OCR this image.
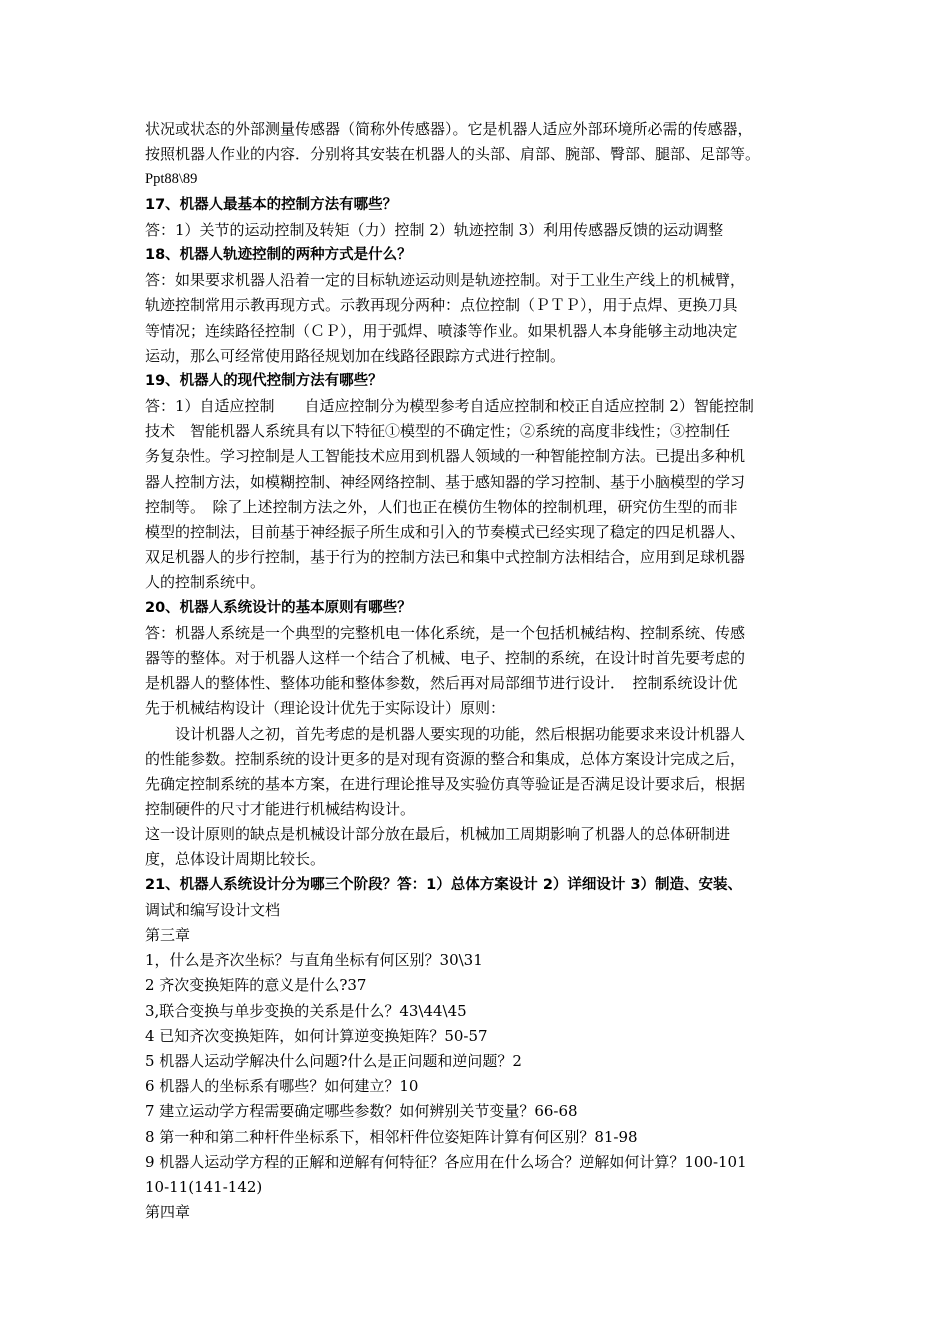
状况或状态的外部测量传感器（简称外传感器）。它是机器人适应外部环境所必需的传感器，
按照机器人作业的内容．分别将其安装在机器人的头部、肩部、腕部、臀部、腿部、足部等。
Ppt88\89
17、机器人最基本的控制方法有哪些？
答：1）关节的运动控制及转矩（力）控制 2）轨迹控制 3）利用传感器反馈的运动调整
18、机器人轨迹控制的两种方式是什么？
答：如果要求机器人沿着一定的目标轨迹运动则是轨迹控制。对于工业生产线上的机械臂，
轨迹控制常用示教再现方式。示教再现分两种：点位控制（ＰＴＰ），用于点焊、更换刀具
等情况；连续路径控制（ＣＰ），用于弧焊、喷漆等作业。如果机器人本身能够主动地决定
运动，那么可经常使用路径规划加在线路径跟踪方式进行控制。
19、机器人的现代控制方法有哪些？
答：1）自适应控制　　自适应控制分为模型参考自适应控制和校正自适应控制 2）智能控制
技术　智能机器人系统具有以下特征①模型的不确定性；②系统的高度非线性；③控制任
务复杂性。学习控制是人工智能技术应用到机器人领域的一种智能控制方法。已提出多种机
器人控制方法，如模糊控制、神经网络控制、基于感知器的学习控制、基于小脑模型的学习
控制等。　除了上述控制方法之外，人们也正在模仿生物体的控制机理，研究仿生型的而非
模型的控制法，目前基于神经振子所生成和引入的节奏模式已经实现了稳定的四足机器人、
双足机器人的步行控制，基于行为的控制方法已和集中式控制方法相结合，应用到足球机器
人的控制系统中。
20、机器人系统设计的基本原则有哪些？
答：机器人系统是一个典型的完整机电一体化系统，是一个包括机械结构、控制系统、传感
器等的整体。对于机器人这样一个结合了机械、电子、控制的系统，在设计时首先要考虑的
是机器人的整体性、整体功能和整体参数，然后再对局部细节进行设计．　控制系统设计优
先于机械结构设计（理论设计优先于实际设计）原则：
设计机器人之初，首先考虑的是机器人要实现的功能，然后根据功能要求来设计机器人
的性能参数。控制系统的设计更多的是对现有资源的整合和集成，总体方案设计完成之后，
先确定控制系统的基本方案，在进行理论推导及实验仿真等验证是否满足设计要求后，根据
控制硬件的尺寸才能进行机械结构设计。
这一设计原则的缺点是机械设计部分放在最后，机械加工周期影响了机器人的总体研制进
度，总体设计周期比较长。
21、机器人系统设计分为哪三个阶段？答：1）总体方案设计 2）详细设计 3）制造、安装、
调试和编写设计文档
第三章
1，什么是齐次坐标？与直角坐标有何区别？30\31
2 齐次变换矩阵的意义是什么?37
3,联合变换与单步变换的关系是什么？43\44\45
4 已知齐次变换矩阵，如何计算逆变换矩阵？50-57
5 机器人运动学解决什么问题?什么是正问题和逆问题？2
6 机器人的坐标系有哪些？如何建立？10
7 建立运动学方程需要确定哪些参数？如何辨别关节变量？66-68
8 第一种和第二种杆件坐标系下，相邻杆件位姿矩阵计算有何区别？81-98
9 机器人运动学方程的正解和逆解有何特征？各应用在什么场合？逆解如何计算？100-101
10-11(141-142)
第四章
